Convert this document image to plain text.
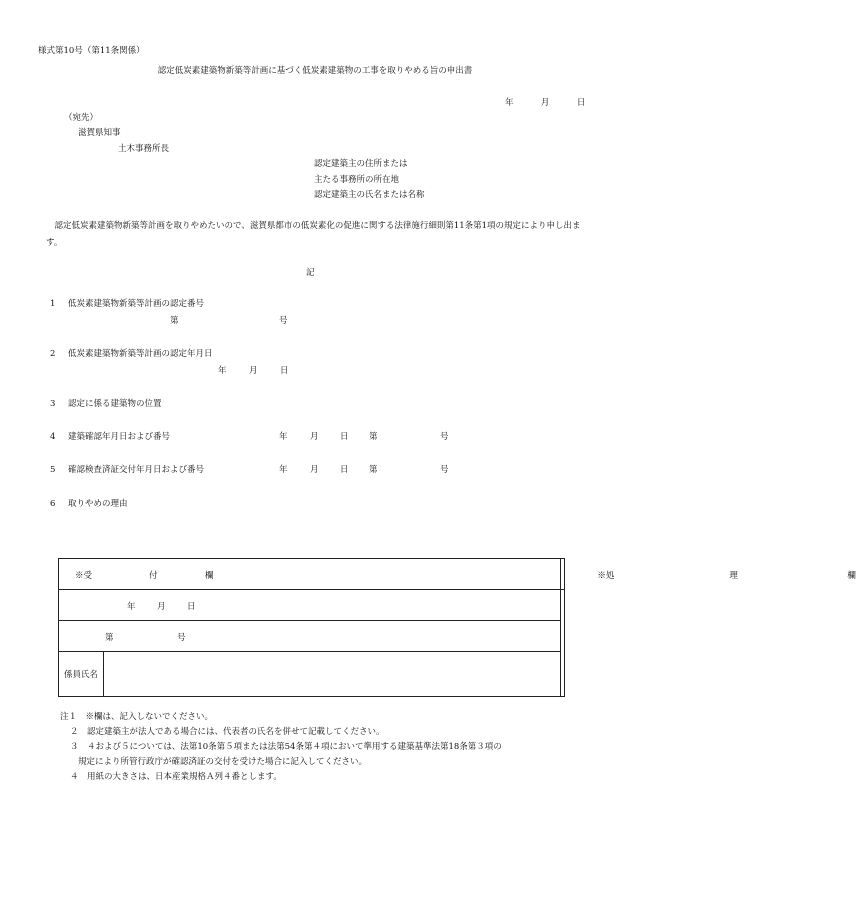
様式第10号（第11条関係）
認定低炭素建築物新築等計画に基づく低炭素建築物の工事を取りやめる旨の申出書
年	月	日
（宛先）
滋賀県知事
土木事務所長
認定建築主の住所または
主たる事務所の所在地
認定建築主の氏名または名称
認定低炭素建築物新築等計画を取りやめたいので、滋賀県都市の低炭素化の促進に関する法律施行細則第11条第1項の規定により申し出ます。
記
1 低炭素建築物新築等計画の認定番号
第	号
2 低炭素建築物新築等計画の認定年月日
年	月	日
3 認定に係る建築物の位置
4 建築確認年月日および番号	年	月	日 第	号
5 確認検査済証交付年月日および番号	年	月	日 第	号
6 取りやめの理由
※受 付 欄		※処 理 欄

年 月 日		

第 号		

係員氏名		
注１　※欄は、記入しないでください。
２　認定建築主が法人である場合には、代表者の氏名を併せて記載してください。
３　４および５については、法第10条第５項または法第54条第４項において準用する建築基準法第18条第３項の
規定により所管行政庁が確認済証の交付を受けた場合に記入してください。
４　用紙の大きさは、日本産業規格Ａ列４番とします。
